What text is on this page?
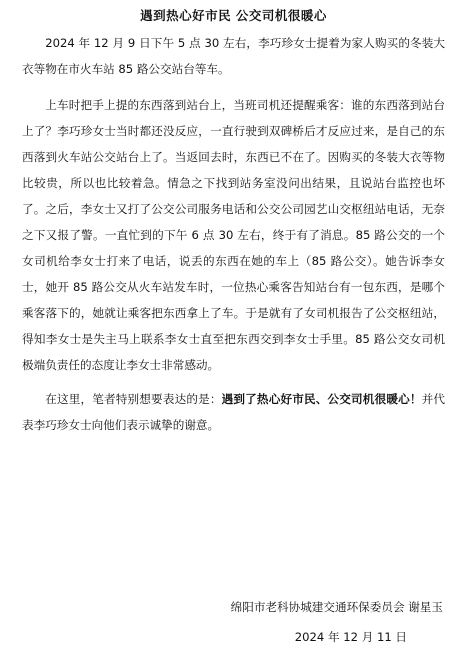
遇到热心好市民 公交司机很暖心

2024 年 12 月 9 日下午 5 点 30 左右，李巧珍女士提着为家人购买的冬装大衣等物在市火车站 85 路公交站台等车。

上车时把手上提的东西落到站台上，当班司机还提醒乘客：谁的东西落到站台上了？李巧珍女士当时都还没反应，一直行驶到双碑桥后才反应过来，是自己的东西落到火车站公交站台上了。当返回去时，东西已不在了。因购买的冬装大衣等物比较贵，所以也比较着急。情急之下找到站务室没问出结果，且说站台监控也坏了。之后，李女士又打了公交公司服务电话和公交公司园艺山交枢纽站电话，无奈之下又报了警。一直忙到的下午 6 点 30 左右，终于有了消息。85 路公交的一个女司机给李女士打来了电话，说丢的东西在她的车上（85 路公交）。她告诉李女士，她开 85 路公交从火车站发车时，一位热心乘客告知站台有一包东西，是哪个乘客落下的，她就让乘客把东西拿上了车。于是就有了女司机报告了公交枢纽站，得知李女士是失主马上联系李女士直至把东西交到李女士手里。85 路公交女司机极端负责任的态度让李女士非常感动。

在这里，笔者特别想要表达的是：遇到了热心好市民、公交司机很暖心！并代表李巧珍女士向他们表示诚挚的谢意。

绵阳市老科协城建交通环保委员会 谢星玉
2024 年 12 月 11 日
